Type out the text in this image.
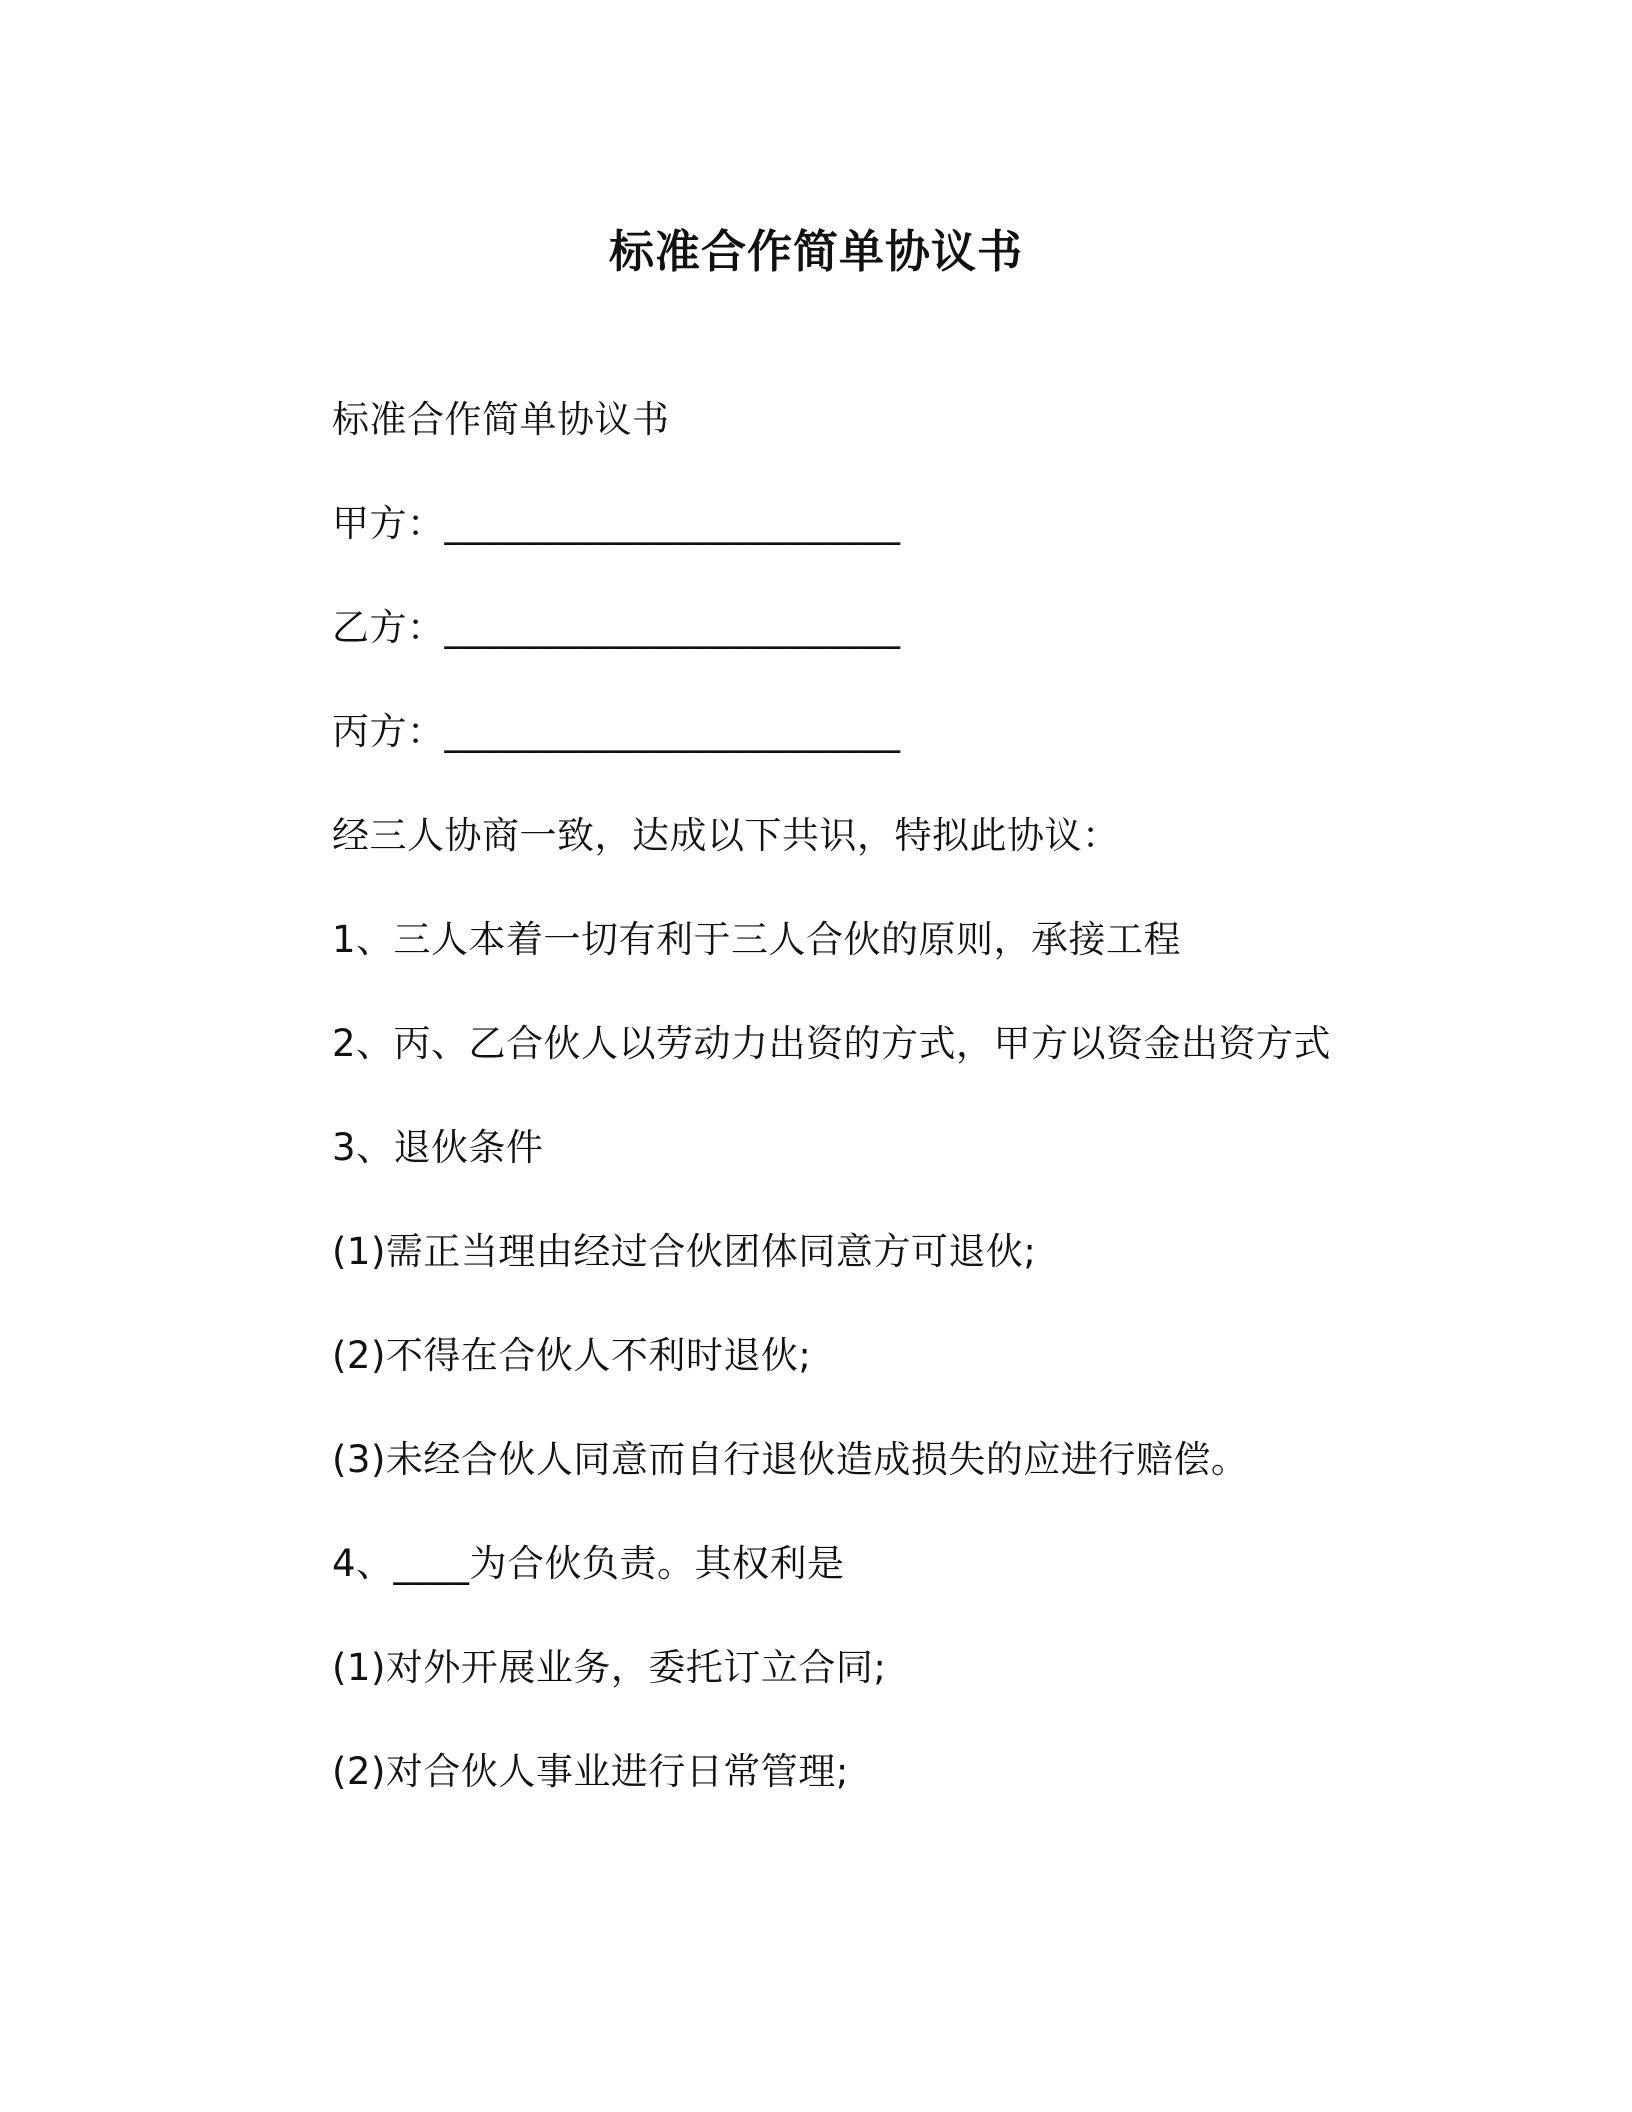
标准合作简单协议书

标准合作简单协议书

甲方：________________________

乙方：________________________

丙方：________________________

经三人协商一致，达成以下共识，特拟此协议：

1、三人本着一切有利于三人合伙的原则，承接工程

2、丙、乙合伙人以劳动力出资的方式，甲方以资金出资方式

3、退伙条件

(1)需正当理由经过合伙团体同意方可退伙;

(2)不得在合伙人不利时退伙;

(3)未经合伙人同意而自行退伙造成损失的应进行赔偿。

4、____为合伙负责。其权利是

(1)对外开展业务，委托订立合同;

(2)对合伙人事业进行日常管理;
